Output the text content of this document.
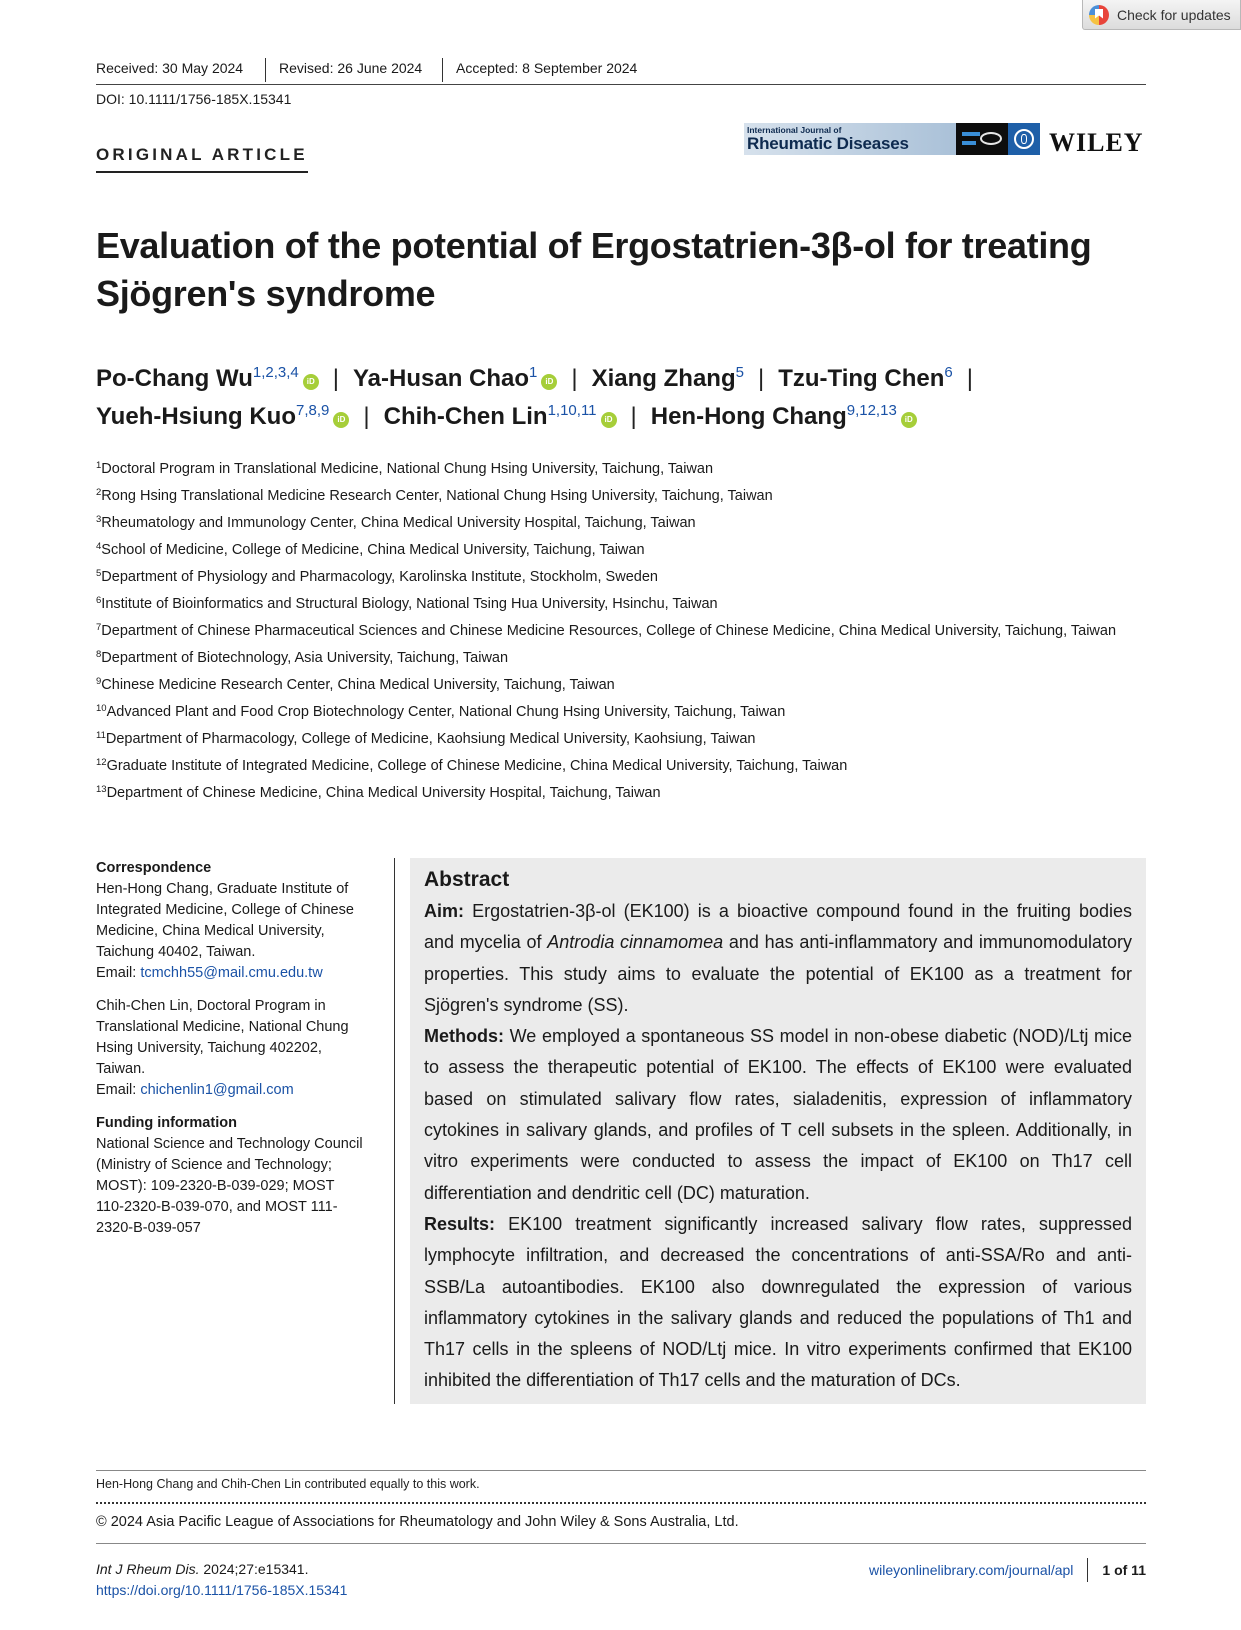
Check for updates
Received: 30 May 2024	Revised: 26 June 2024 Accepted: 8 September 2024
DOI: 10.1111/1756-185X.15341
ORIGINAL ARTICLE
International Journal of
Rheumatic Diseases	WILEY
Evaluation of the potential of Ergostatrien-3β-ol for treating
Sjögren's syndrome
Po-Chang Wu$^{1,2,3,4}$iD | Ya-Husan Chao$^1$iD | Xiang Zhang$^5$ | Tzu-Ting Chen$^6$ |
Yueh-Hsiung Kuo$^{7,8,9}$iD | Chih-Chen Lin$^{1,10,11}$iD | Hen-Hong Chang$^{9,12,13}$iD
$^1$Doctoral Program in Translational Medicine, National Chung Hsing University, Taichung, Taiwan
$^2$Rong Hsing Translational Medicine Research Center, National Chung Hsing University, Taichung, Taiwan
$^3$Rheumatology and Immunology Center, China Medical University Hospital, Taichung, Taiwan
$^4$School of Medicine, College of Medicine, China Medical University, Taichung, Taiwan
$^5$Department of Physiology and Pharmacology, Karolinska Institute, Stockholm, Sweden
$^6$Institute of Bioinformatics and Structural Biology, National Tsing Hua University, Hsinchu, Taiwan
$^7$Department of Chinese Pharmaceutical Sciences and Chinese Medicine Resources, College of Chinese Medicine, China Medical University, Taichung, Taiwan
$^8$Department of Biotechnology, Asia University, Taichung, Taiwan
$^9$Chinese Medicine Research Center, China Medical University, Taichung, Taiwan
$^{10}$Advanced Plant and Food Crop Biotechnology Center, National Chung Hsing University, Taichung, Taiwan
$^{11}$Department of Pharmacology, College of Medicine, Kaohsiung Medical University, Kaohsiung, Taiwan
$^{12}$Graduate Institute of Integrated Medicine, College of Chinese Medicine, China Medical University, Taichung, Taiwan
$^{13}$Department of Chinese Medicine, China Medical University Hospital, Taichung, Taiwan
Correspondence
Hen-Hong Chang, Graduate Institute of
Integrated Medicine, College of Chinese
Medicine, China Medical University,
Taichung 40402, Taiwan.
Email: tcmchh55@mail.cmu.edu.tw
Chih-Chen Lin, Doctoral Program in
Translational Medicine, National Chung
Hsing University, Taichung 402202,
Taiwan.
Email: chichenlin1@gmail.com
Funding information
National Science and Technology Council
(Ministry of Science and Technology;
MOST): 109-2320-B-039-029; MOST
110-2320-B-039-070, and MOST 111-
2320-B-039-057
Abstract

Aim: Ergostatrien-3β-ol (EK100) is a bioactive compound found in the fruiting bodies and mycelia of Antrodia cinnamomea and has anti-inflammatory and immunomodulatory properties. This study aims to evaluate the potential of EK100 as a treatment for Sjögren's syndrome (SS).

Methods: We employed a spontaneous SS model in non-obese diabetic (NOD)/Ltj mice to assess the therapeutic potential of EK100. The effects of EK100 were evaluated based on stimulated salivary flow rates, sialadenitis, expression of inflammatory cytokines in salivary glands, and profiles of T cell subsets in the spleen. Additionally, in vitro experiments were conducted to assess the impact of EK100 on Th17 cell differentiation and dendritic cell (DC) maturation.

Results: EK100 treatment significantly increased salivary flow rates, suppressed lymphocyte infiltration, and decreased the concentrations of anti-SSA/Ro and anti-SSB/La autoantibodies. EK100 also downregulated the expression of various inflammatory cytokines in the salivary glands and reduced the populations of Th1 and Th17 cells in the spleens of NOD/Ltj mice. In vitro experiments confirmed that EK100 inhibited the differentiation of Th17 cells and the maturation of DCs.

Hen-Hong Chang and Chih-Chen Lin contributed equally to this work.
© 2024 Asia Pacific League of Associations for Rheumatology and John Wiley & Sons Australia, Ltd.
Int J Rheum Dis. 2024;27:e15341.
https://doi.org/10.1111/1756-185X.15341
wileyonlinelibrary.com/journal/apl 1 of 11
